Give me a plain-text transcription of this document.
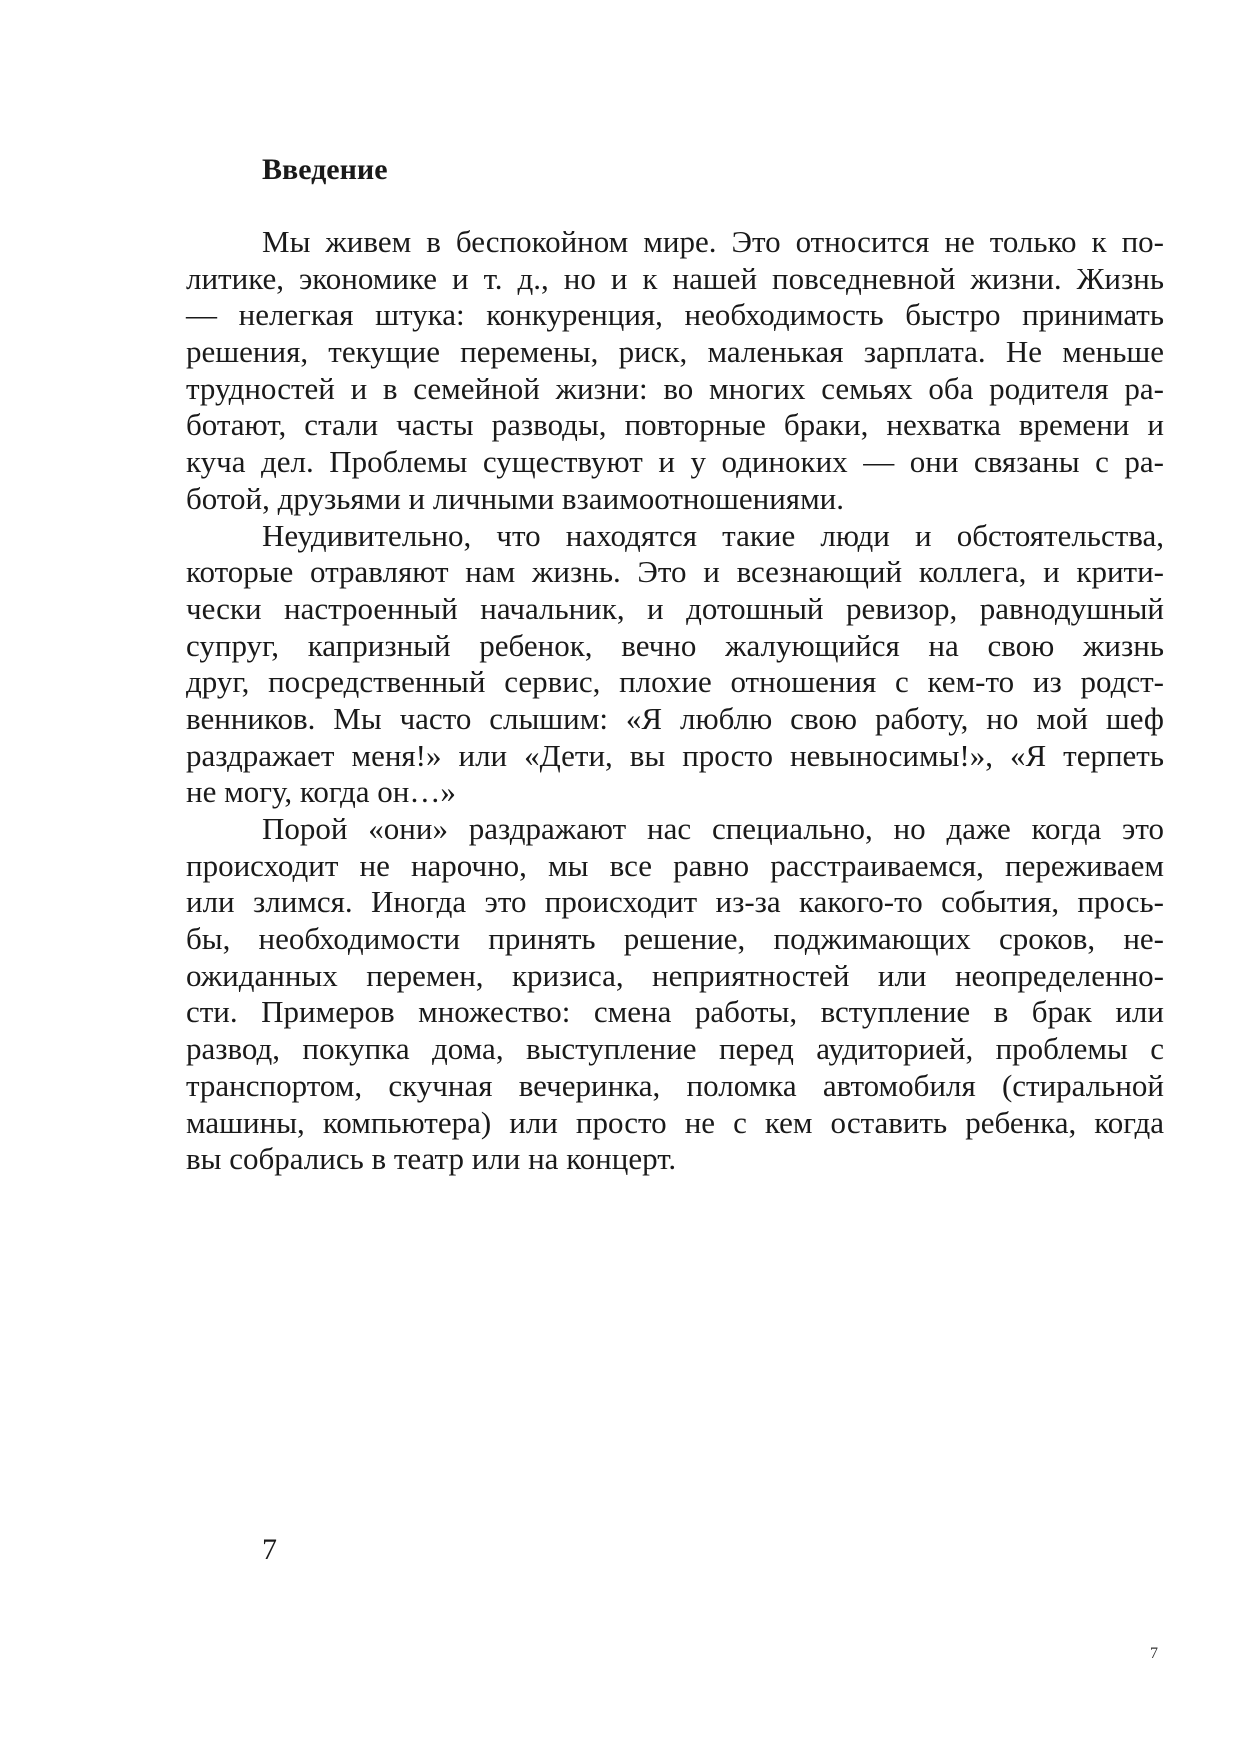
Введение
Мы живем в беспокойном мире. Это относится не только к по-
литике, экономике и т. д., но и к нашей повседневной жизни. Жизнь
— нелегкая штука: конкуренция, необходимость быстро принимать
решения, текущие перемены, риск, маленькая зарплата. Не меньше
трудностей и в семейной жизни: во многих семьях оба родителя ра-
ботают, стали часты разводы, повторные браки, нехватка времени и
куча дел. Проблемы существуют и у одиноких — они связаны с ра-
ботой, друзьями и личными взаимоотношениями.
Неудивительно, что находятся такие люди и обстоятельства,
которые отравляют нам жизнь. Это и всезнающий коллега, и крити-
чески настроенный начальник, и дотошный ревизор, равнодушный
супруг, капризный ребенок, вечно жалующийся на свою жизнь
друг, посредственный сервис, плохие отношения с кем-то из родст-
венников. Мы часто слышим: «Я люблю свою работу, но мой шеф
раздражает меня!» или «Дети, вы просто невыносимы!», «Я терпеть
не могу, когда он…»
Порой «они» раздражают нас специально, но даже когда это
происходит не нарочно, мы все равно расстраиваемся, переживаем
или злимся. Иногда это происходит из-за какого-то события, прось-
бы, необходимости принять решение, поджимающих сроков, не-
ожиданных перемен, кризиса, неприятностей или неопределенно-
сти. Примеров множество: смена работы, вступление в брак или
развод, покупка дома, выступление перед аудиторией, проблемы с
транспортом, скучная вечеринка, поломка автомобиля (стиральной
машины, компьютера) или просто не с кем оставить ребенка, когда
вы собрались в театр или на концерт.

7

7
